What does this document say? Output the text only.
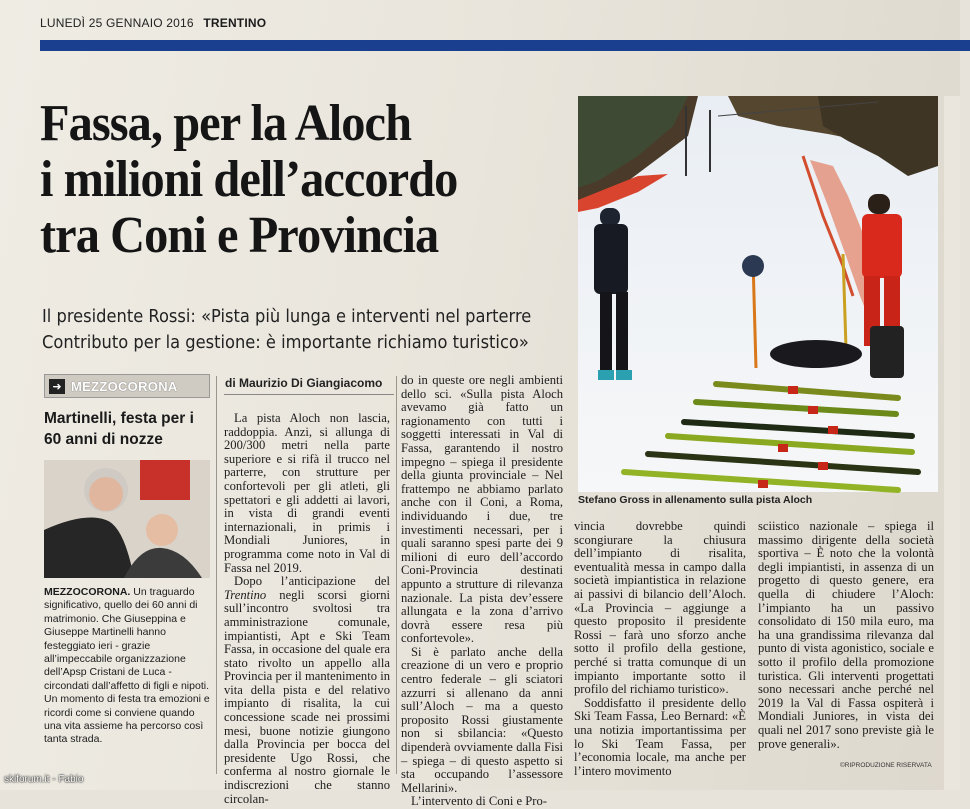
LUNEDÌ 25 GENNAIO 2016 TRENTINO
Fassa, per la Aloch
i milioni dell’accordo
tra Coni e Provincia
Il presidente Rossi: «Pista più lunga e interventi nel parterre
Contributo per la gestione: è importante richiamo turistico»
Stefano Gross in allenamento sulla pista Aloch
➜ MEZZOCORONA
Martinelli, festa per i 60 anni di nozze
MEZZOCORONA. Un traguardo significativo, quello dei 60 anni di matrimonio. Che Giuseppina e Giuseppe Martinelli hanno festeggiato ieri - grazie all’impeccabile organizzazione dell’Apsp Cristani de Luca - circondati dall’affetto di figli e nipoti. Un momento di festa tra emozioni e ricordi come si conviene quando una vita assieme ha percorso così tanta strada.
di Maurizio Di Giangiacomo

La pista Aloch non lascia, raddoppia. Anzi, si allunga di 200/300 metri nella parte superiore e si rifà il trucco nel parterre, con strutture per confortevoli per gli atleti, gli spettatori e gli addetti ai lavori, in vista di grandi eventi internazionali, in primis i Mondiali Juniores, in programma come noto in Val di Fassa nel 2019.

Dopo l’anticipazione del Trentino negli scorsi giorni sull’incontro svoltosi tra amministrazione comunale, impiantisti, Apt e Ski Team Fassa, in occasione del quale era stato rivolto un appello alla Provincia per il mantenimento in vita della pista e del relativo impianto di risalita, la cui concessione scade nei prossimi mesi, buone notizie giungono dalla Provincia per bocca del presidente Ugo Rossi, che conferma al nostro giornale le indiscrezioni che stanno circolan-

do in queste ore negli ambienti dello sci. «Sulla pista Aloch avevamo già fatto un ragionamento con tutti i soggetti interessati in Val di Fassa, garantendo il nostro impegno – spiega il presidente della giunta provinciale – Nel frattempo ne abbiamo parlato anche con il Coni, a Roma, individuando i due, tre investimenti necessari, per i quali saranno spesi parte dei 9 milioni di euro dell’accordo Coni-Provincia destinati appunto a strutture di rilevanza nazionale. La pista dev’essere allungata e la zona d’arrivo dovrà essere resa più confortevole».

Si è parlato anche della creazione di un vero e proprio centro federale – gli sciatori azzurri si allenano da anni sull’Aloch – ma a questo proposito Rossi giustamente non si sbilancia: «Questo dipenderà ovviamente dalla Fisi – spiega – di questo aspetto si sta occupando l’assessore Mellarini».

L’intervento di Coni e Pro-

vincia dovrebbe quindi scongiurare la chiusura dell’impianto di risalita, eventualità messa in campo dalla società impiantistica in relazione ai passivi di bilancio dell’Aloch. «La Provincia – aggiunge a questo proposito il presidente Rossi – farà uno sforzo anche sotto il profilo della gestione, perché si tratta comunque di un impianto importante sotto il profilo del richiamo turistico».

Soddisfatto il presidente dello Ski Team Fassa, Leo Bernard: «È una notizia importantissima per lo Ski Team Fassa, per l’economia locale, ma anche per l’intero movimento

sciistico nazionale – spiega il massimo dirigente della società sportiva – È noto che la volontà degli impiantisti, in assenza di un progetto di questo genere, era quella di chiudere l’Aloch: l’impianto ha un passivo consolidato di 150 mila euro, ma ha una grandissima rilevanza dal punto di vista agonistico, sociale e sotto il profilo della promozione turistica. Gli interventi progettati sono necessari anche perché nel 2019 la Val di Fassa ospiterà i Mondiali Juniores, in vista dei quali nel 2017 sono previste già le prove generali».

©RIPRODUZIONE RISERVATA
skiforum.it - Fabio
